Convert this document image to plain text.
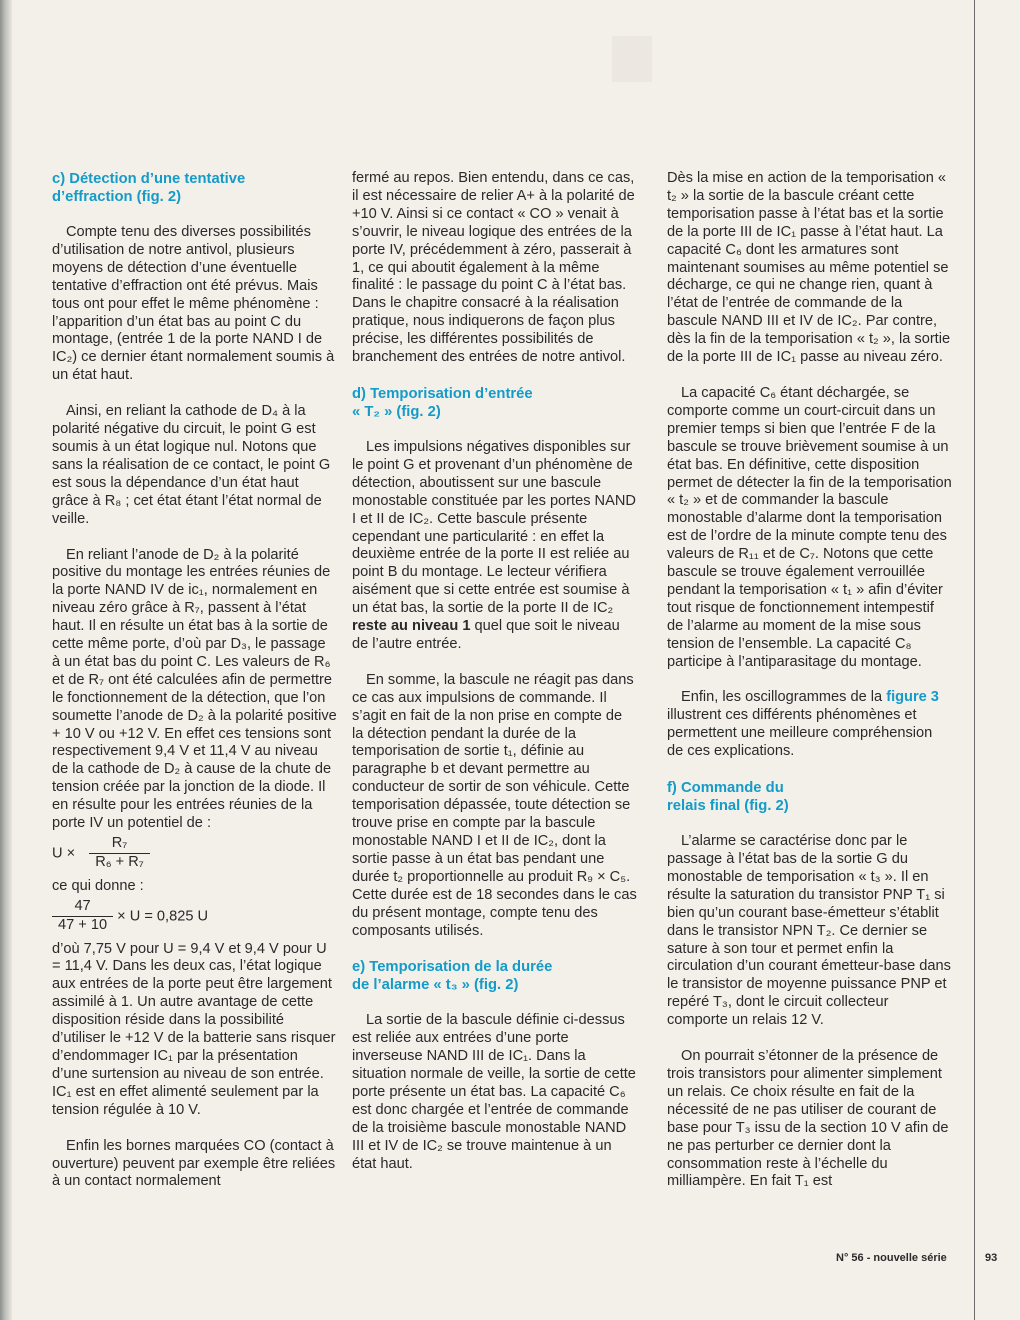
c) Détection d’une tentative
d’effraction (fig. 2)

Compte tenu des diverses possibilités d’utilisation de notre antivol, plusieurs moyens de détection d’une éventuelle tentative d’effraction ont été prévus. Mais tous ont pour effet le même phénomène : l’apparition d’un état bas au point C du montage, (entrée 1 de la porte NAND I de IC₂) ce dernier étant normalement soumis à un état haut.

Ainsi, en reliant la cathode de D₄ à la polarité négative du circuit, le point G est soumis à un état logique nul. Notons que sans la réalisation de ce contact, le point G est sous la dépendance d’un état haut grâce à R₈ ; cet état étant l’état normal de veille.

En reliant l’anode de D₂ à la polarité positive du montage les entrées réunies de la porte NAND IV de ic₁, normalement en niveau zéro grâce à R₇, passent à l’état haut. Il en résulte un état bas à la sortie de cette même porte, d’où par D₃, le passage à un état bas du point C. Les valeurs de R₆ et de R₇ ont été calculées afin de permettre le fonctionnement de la détection, que l’on soumette l’anode de D₂ à la polarité positive + 10 V ou +12 V. En effet ces tensions sont respectivement 9,4 V et 11,4 V au niveau de la cathode de D₂ à cause de la chute de tension créée par la jonction de la diode. Il en résulte pour les entrées réunies de la porte IV un potentiel de :

$U \times \frac{\text{R₇}}{\text{R₆ + R₇}}$
ce qui donne :
$\frac{47}{47 + 10} \times U = 0,825$ U

d’où 7,75 V pour U = 9,4 V et 9,4 V pour U = 11,4 V. Dans les deux cas, l’état logique aux entrées de la porte peut être largement assimilé à 1. Un autre avantage de cette disposition réside dans la possibilité d’utiliser le +12 V de la batterie sans risquer d’endommager IC₁ par la présentation d’une surtension au niveau de son entrée. IC₁ est en effet alimenté seulement par la tension régulée à 10 V.

Enfin les bornes marquées CO (contact à ouverture) peuvent par exemple être reliées à un contact normalement

fermé au repos. Bien entendu, dans ce cas, il est nécessaire de relier A+ à la polarité de +10 V. Ainsi si ce contact « CO » venait à s’ouvrir, le niveau logique des entrées de la porte IV, précédemment à zéro, passerait à 1, ce qui aboutit également à la même finalité : le passage du point C à l’état bas. Dans le chapitre consacré à la réalisation pratique, nous indiquerons de façon plus précise, les différentes possibilités de branchement des entrées de notre antivol.

d) Temporisation d’entrée
« T₂ » (fig. 2)

Les impulsions négatives disponibles sur le point G et provenant d’un phénomène de détection, aboutissent sur une bascule monostable constituée par les portes NAND I et II de IC₂. Cette bascule présente cependant une particularité : en effet la deuxième entrée de la porte II est reliée au point B du montage. Le lecteur vérifiera aisément que si cette entrée est soumise à un état bas, la sortie de la porte II de IC₂ reste au niveau 1 quel que soit le niveau de l’autre entrée.

En somme, la bascule ne réagit pas dans ce cas aux impulsions de commande. Il s’agit en fait de la non prise en compte de la détection pendant la durée de la temporisation de sortie t₁, définie au paragraphe b et devant permettre au conducteur de sortir de son véhicule. Cette temporisation dépassée, toute détection se trouve prise en compte par la bascule monostable NAND I et II de IC₂, dont la sortie passe à un état bas pendant une durée t₂ proportionnelle au produit R₉ × C₅. Cette durée est de 18 secondes dans le cas du présent montage, compte tenu des composants utilisés.

e) Temporisation de la durée
de l’alarme « t₃ » (fig. 2)

La sortie de la bascule définie ci-dessus est reliée aux entrées d’une porte inverseuse NAND III de IC₁. Dans la situation normale de veille, la sortie de cette porte présente un état bas. La capacité C₆ est donc chargée et l’entrée de commande de la troisième bascule monostable NAND III et IV de IC₂ se trouve maintenue à un état haut.

Dès la mise en action de la temporisation « t₂ » la sortie de la bascule créant cette temporisation passe à l’état bas et la sortie de la porte III de IC₁ passe à l’état haut. La capacité C₆ dont les armatures sont maintenant soumises au même potentiel se décharge, ce qui ne change rien, quant à l’état de l’entrée de commande de la bascule NAND III et IV de IC₂. Par contre, dès la fin de la temporisation « t₂ », la sortie de la porte III de IC₁ passe au niveau zéro.

La capacité C₆ étant déchargée, se comporte comme un court-circuit dans un premier temps si bien que l’entrée F de la bascule se trouve brièvement soumise à un état bas. En définitive, cette disposition permet de détecter la fin de la temporisation « t₂ » et de commander la bascule monostable d’alarme dont la temporisation est de l’ordre de la minute compte tenu des valeurs de R₁₁ et de C₇. Notons que cette bascule se trouve également verrouillée pendant la temporisation « t₁ » afin d’éviter tout risque de fonctionnement intempestif de l’alarme au moment de la mise sous tension de l’ensemble. La capacité C₈ participe à l’antiparasitage du montage.

Enfin, les oscillogrammes de la figure 3 illustrent ces différents phénomènes et permettent une meilleure compréhension de ces explications.

f) Commande du
relais final (fig. 2)

L’alarme se caractérise donc par le passage à l’état bas de la sortie G du monostable de temporisation « t₃ ». Il en résulte la saturation du transistor PNP T₁ si bien qu’un courant base-émetteur s’établit dans le transistor NPN T₂. Ce dernier se sature à son tour et permet enfin la circulation d’un courant émetteur-base dans le transistor de moyenne puissance PNP et repéré T₃, dont le circuit collecteur comporte un relais 12 V.

On pourrait s’étonner de la présence de trois transistors pour alimenter simplement un relais. Ce choix résulte en fait de la nécessité de ne pas utiliser de courant de base pour T₃ issu de la section 10 V afin de ne pas perturber ce dernier dont la consommation reste à l’échelle du milliampère. En fait T₁ est

N° 56 - nouvelle série	93
